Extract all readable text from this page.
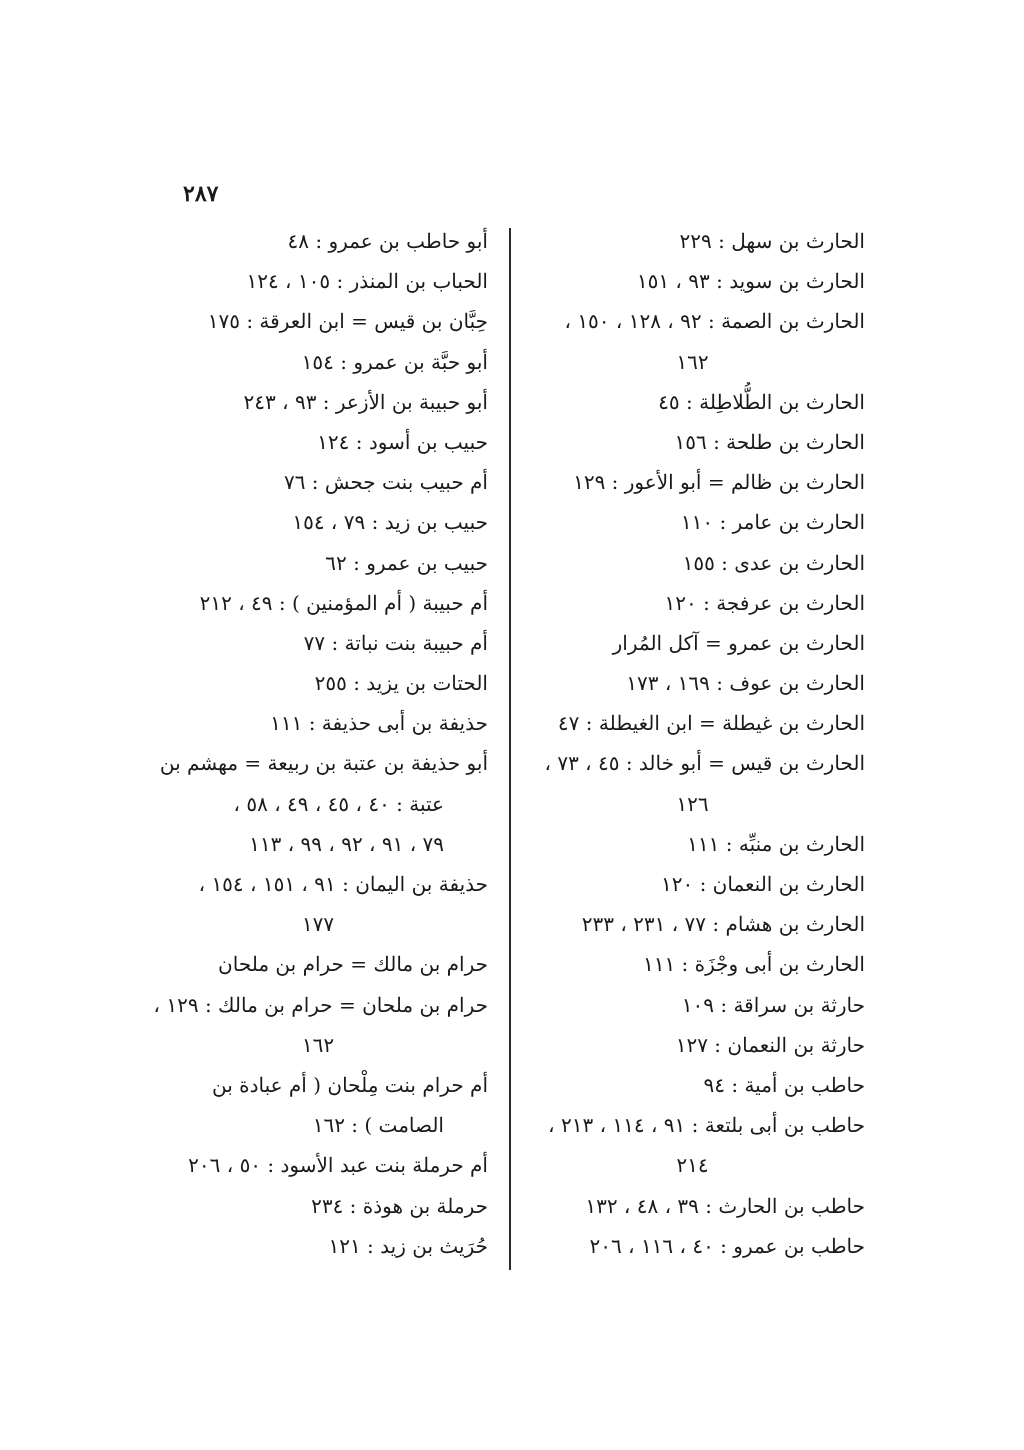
٢٨٧
الحارث بن سهل : ٢٢٩
الحارث بن سويد : ٩٣ ، ١٥١
الحارث بن الصمة : ٩٢ ، ١٢٨ ، ١٥٠ ،
١٦٢
الحارث بن الطُّلاطِلة : ٤٥
الحارث بن طلحة : ١٥٦
الحارث بن ظالم = أبو الأعور : ١٢٩
الحارث بن عامر : ١١٠
الحارث بن عدى : ١٥٥
الحارث بن عرفجة : ١٢٠
الحارث بن عمرو = آكل المُرار
الحارث بن عوف : ١٦٩ ، ١٧٣
الحارث بن غيطلة = ابن الغيطلة : ٤٧
الحارث بن قيس = أبو خالد : ٤٥ ، ٧٣ ،
١٢٦
الحارث بن منبِّه : ١١١
الحارث بن النعمان : ١٢٠
الحارث بن هشام : ٧٧ ، ٢٣١ ، ٢٣٣
الحارث بن أبى وجْزَة : ١١١
حارثة بن سراقة : ١٠٩
حارثة بن النعمان : ١٢٧
حاطب بن أمية : ٩٤
حاطب بن أبى بلتعة : ٩١ ، ١١٤ ، ٢١٣ ،
٢١٤
حاطب بن الحارث : ٣٩ ، ٤٨ ، ١٣٢
حاطب بن عمرو : ٤٠ ، ١١٦ ، ٢٠٦
أبو حاطب بن عمرو : ٤٨
الحباب بن المنذر : ١٠٥ ، ١٢٤
حِبَّان بن قيس = ابن العرقة : ١٧٥
أبو حبَّة بن عمرو : ١٥٤
أبو حبيبة بن الأزعر : ٩٣ ، ٢٤٣
حبيب بن أسود : ١٢٤
أم حبيب بنت جحش : ٧٦
حبيب بن زيد : ٧٩ ، ١٥٤
حبيب بن عمرو : ٦٢
أم حبيبة ( أم المؤمنين ) : ٤٩ ، ٢١٢
أم حبيبة بنت نباتة : ٧٧
الحتات بن يزيد : ٢٥٥
حذيفة بن أبى حذيفة : ١١١
أبو حذيفة بن عتبة بن ربيعة = مهشم بن
عتبة : ٤٠ ، ٤٥ ، ٤٩ ، ٥٨ ،
٧٩ ، ٩١ ، ٩٢ ، ٩٩ ، ١١٣
حذيفة بن اليمان : ٩١ ، ١٥١ ، ١٥٤ ،
١٧٧
حرام بن مالك = حرام بن ملحان
حرام بن ملحان = حرام بن مالك : ١٢٩ ،
١٦٢
أم حرام بنت مِلْحان ( أم عبادة بن
الصامت ) : ١٦٢
أم حرملة بنت عبد الأسود : ٥٠ ، ٢٠٦
حرملة بن هوذة : ٢٣٤
حُرَيث بن زيد : ١٢١
